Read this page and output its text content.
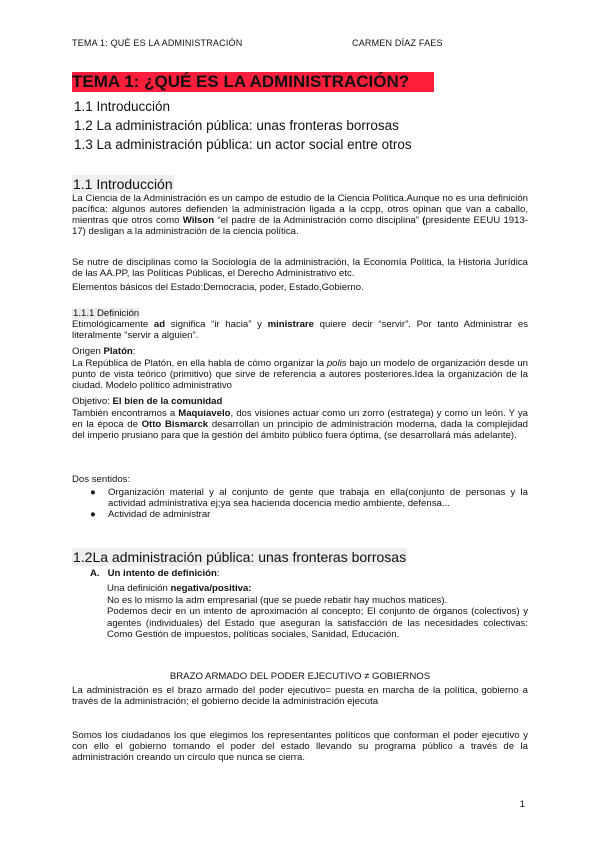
TEMA 1: QUÉ ES LA ADMINISTRACIÓN	CARMEN DÍAZ FAES
TEMA 1: ¿QUÉ ES LA ADMINISTRACIÓN?
1.1 Introducción
1.2 La administración pública: unas fronteras borrosas
1.3 La administración pública: un actor social entre otros
1.1 Introducción
La Ciencia de la Administración es un campo de estudio de la Ciencia Política.Aunque no es una definición pacífica: algunos autores defienden la administración ligada a la ccpp, otros opinan que van a caballo, mientras que otros como Wilson “el padre de la Administración como disciplina” (presidente EEUU 1913-17) desligan a la administración de la ciencia política.
Se nutre de disciplinas como la Sociología de la administración, la Economía Política, la Historia Jurídica de las AA.PP, las Políticas Públicas, el Derecho Administrativo etc.
Elementos básicos del Estado:Democracia, poder, Estado,Gobierno.
1.1.1 Definición
Etimológicamente ad significa “ir hacia” y ministrare quiere decir “servir”. Por tanto Administrar es literalmente “servir a alguien”.
Origen Platón:
La República de Platón, en ella habla de cómo organizar la polis bajo un modelo de organización desde un punto de vista teórico (primitivo) que sirve de referencia a autores posteriores.Idea la organización de la ciudad. Modelo político administrativo
Objetivo: El bien de la comunidad
También encontramos a Maquiavelo, dos visiones actuar como un zorro (estratega) y como un león. Y ya en la época de Otto Bismarck desarrollan un principio de administración moderna, dada la complejidad del imperio prusiano para que la gestión del ámbito público fuera óptima, (se desarrollará más adelante).
Dos sentidos:
● Organización material y al conjunto de gente que trabaja en ella(conjunto de personas y la actividad administrativa ej;ya sea hacienda docencia medio ambiente, defensa...
● Actividad de administrar
1.2La administración pública: unas fronteras borrosas
A. Un intento de definición:
Una definición negativa/positiva:
No es lo mismo la adm empresarial (que se puede rebatir hay muchos matices).
Podemos decir en un intento de aproximación al concepto; El conjunto de órganos (colectivos) y agentes (individuales) del Estado que aseguran la satisfacción de las necesidades colectivas: Como Gestión de impuestos, políticas sociales, Sanidad, Educación.
BRAZO ARMADO DEL PODER EJECUTIVO ≠ GOBIERNOS
La administración es el brazo armado del poder ejecutivo= puesta en marcha de la política, gobierno a través de la administración; el gobierno decide la administración ejecuta
Somos los ciudadanos los que elegimos los representantes políticos que conforman el poder ejecutivo y con ello el gobierno tomando el poder del estado llevando su programa público a través de la administración creando un círculo que nunca se cierra.
1
